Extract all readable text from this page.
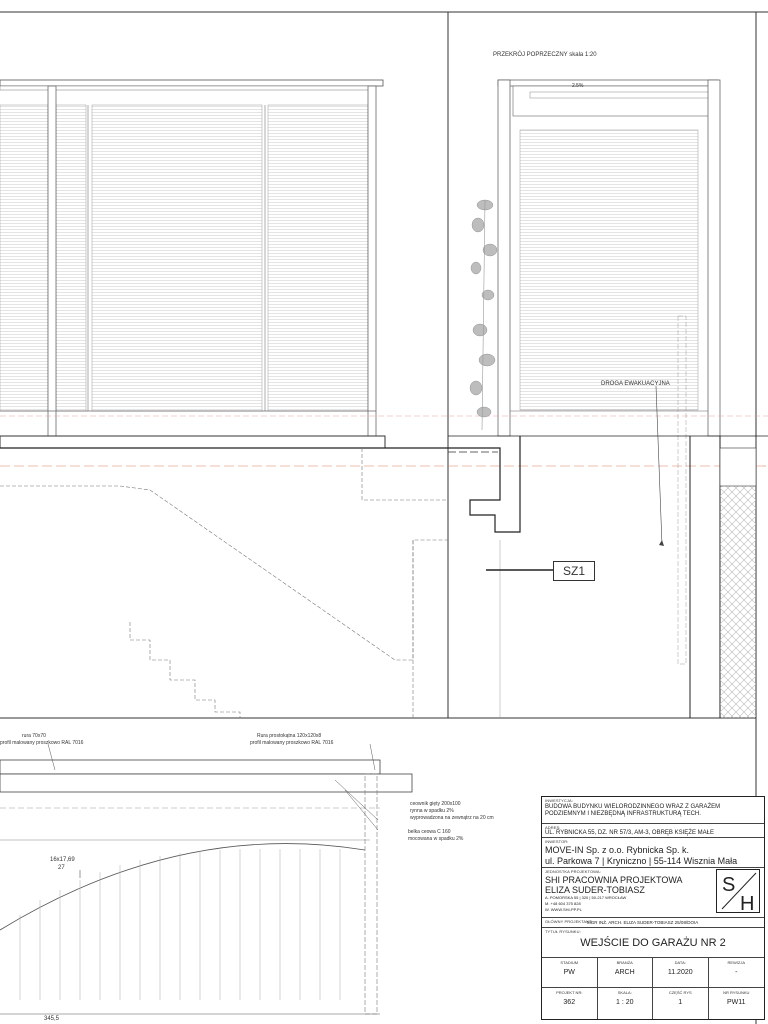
PRZEKRÓJ POPRZECZNY skala 1:20
2.5%
DROGA EWAKUACYJNA
SZ1
rura 70x70
profil malowany proszkowo RAL 7016
Rura prostokątna 120x120x8
profil malowany proszkowo RAL 7016
ceownik gięty 200x100
rynna w spadku 2%
wyprowadzona na zewnątrz na 20 cm
belka ceowa C 160
mocowana w spadku 2%
16x17,69
27
345,5
INWESTYCJA:
BUDOWA BUDYNKU WIELORODZINNEGO WRAZ Z GARAŻEM PODZIEMNYM I NIEZBĘDNĄ INFRASTRUKTURĄ TECH.
ADRES:
UL. RYBNICKA 55, DZ. NR 57/3, AM-3, OBRĘB KSIĘŻE MAŁE
INWESTOR:
MOVE-IN Sp. z o.o. Rybnicka Sp. k.
ul. Parkowa 7 | Kryniczno | 55-114 Wisznia Mała
JEDNOSTKA PROJEKTOWA:
SHI PRACOWNIA PROJEKTOWA
ELIZA SUDER-TOBIASZ
A. POMORSKA 55 | 320 | 50-217 WROCŁAW
M. +48 604 375 828
W. WWW.SHI-PP.PL
S
H
GŁÓWNY PROJEKTANT:
MGR INŻ. ARCH. ELIZA SUDER-TOBIASZ 25/08/DOIA
TYTUŁ RYSUNKU:
WEJŚCIE DO GARAŻU NR 2
STADIUM
PW
BRANŻA
ARCH
DATA:
11.2020
REWIZJA
-
PROJEKT NR:
362
SKALA:
1 : 20
CZĘŚĆ RYS
1
NR RYSUNKU
PW11
